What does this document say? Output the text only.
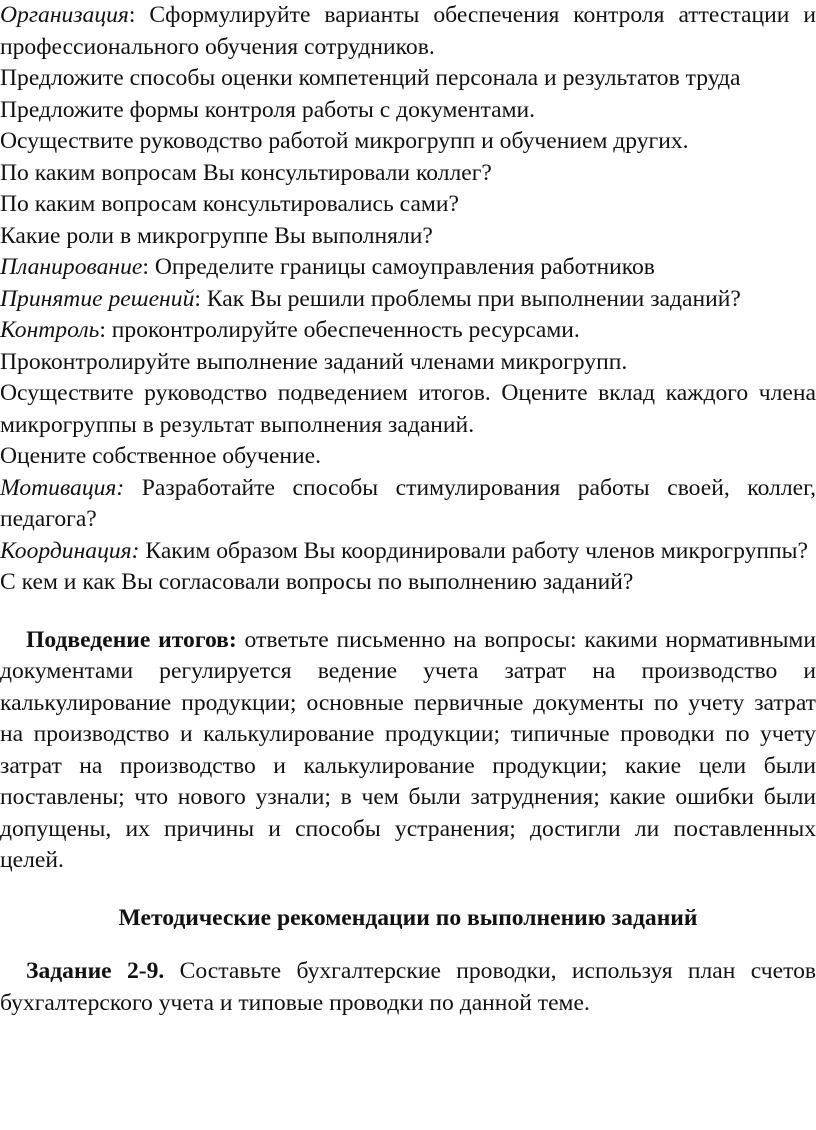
Организация: Сформулируйте варианты обеспечения контроля аттестации и профессионального обучения сотрудников.

Предложите способы оценки компетенций персонала и результатов труда

Предложите формы контроля работы с документами.

Осуществите руководство работой микрогрупп и обучением других.

По каким вопросам Вы консультировали коллег?

По каким вопросам консультировались сами?

Какие роли в микрогруппе Вы выполняли?

Планирование: Определите границы самоуправления работников

Принятие решений: Как Вы решили проблемы при выполнении заданий?

Контроль: проконтролируйте обеспеченность ресурсами.

Проконтролируйте выполнение заданий членами микрогрупп.

Осуществите руководство подведением итогов. Оцените вклад каждого члена микрогруппы в результат выполнения заданий.

Оцените собственное обучение.

Мотивация: Разработайте способы стимулирования работы своей, коллег, педагога?

Координация: Каким образом Вы координировали работу членов микрогруппы?

С кем и как Вы согласовали вопросы по выполнению заданий?

Подведение итогов: ответьте письменно на вопросы: какими нормативными документами регулируется ведение учета затрат на производство и калькулирование продукции; основные первичные документы по учету затрат на производство и калькулирование продукции; типичные проводки по учету затрат на производство и калькулирование продукции; какие цели были поставлены; что нового узнали; в чем были затруднения; какие ошибки были допущены, их причины и способы устранения; достигли ли поставленных целей.

Методические рекомендации по выполнению заданий

Задание 2-9. Составьте бухгалтерские проводки, используя план счетов бухгалтерского учета и типовые проводки по данной теме.
